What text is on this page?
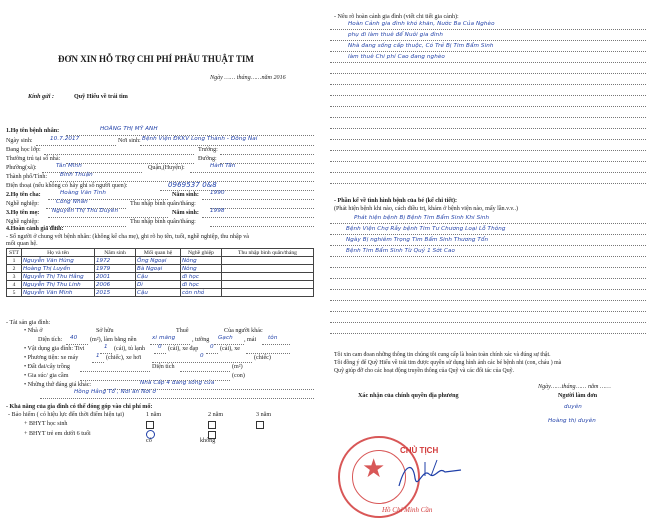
ĐƠN XIN HỖ TRỢ CHI PHÍ PHẪU THUẬT TIM
Ngày …… tháng……năm 2016
Kính gửi :	Quỹ Hiểu về trái tim
1.Họ tên bệnh nhân:	HOÀNG THỊ MỸ ANH
Ngày sinh:	10.7.2017	Nơi sinh: Bệnh Viện ĐKKV Long Thành - Đồng Nai
Đang học lớp:	Trường:
Thường trú tại số nhà:	Đường:
Phường(xã):	Tân Minh	Quận,(Huyện):	Hàm Tân
Thành phố/Tỉnh: Bình Thuận
Điện thoại (nếu không có hãy ghi số người quen):	0969537 0&8
2.Họ tên cha:	Hoàng Văn Tình	Năm sinh: 1990
Nghề nghiệp:	Công Nhân	Thu nhập bình quân/tháng:
3.Họ tên mẹ: Nguyễn Thị Thu Duyên	Năm sinh: 1998
Nghề nghiệp:	Thu nhập bình quân/tháng:
4.Hoàn cảnh gia đình:
- Số người ở chung với bệnh nhân: (không kể cha mẹ), ghi rõ họ tên, tuổi, nghề nghiệp, thu nhập và
mối quan hệ.
STT	Họ và tên	Năm sinh	Mối quan hệ	Nghề ghiệp	Thu nhập bình quân/tháng
1	Nguyễn Văn Hùng	1972	Ông Ngoại	Nông	
2	Hoàng Thị Luyến	1979	Bà Ngoại	Nông	
3	Nguyễn Thị Thu Hằng	2001	Cậu	đi học	
4	Nguyễn Thị Thu Linh	2006	Dì	đi học	
5	Nguyễn Văn Minh	2015	Cậu	còn nhỏ	
- Tài sản gia đình:
• Nhà ở	Sở hữu	Thuê	Của người khác
Diện tích: 40 (m²), làm bằng nền	xi măng	, tường Gạch , mái tôn
• Vật dụng gia đình: Tivi	1 (cái), tủ lạnh 0 (cái), xe đạp 0 (cái), xe
• Phương tiện: xe máy	1 (chiếc), xe hơi	0	(chiếc)
• Đất đai/cây trồng	Diện tích	(m²)
• Gia súc/ gia cầm	(con)
• Những thứ đáng giá khác:	Nhà Cấp 4 đang sống của
Hồng Hằng Tổ , Nơi ăn Nơi ở
- Khả năng của gia đình có thể đóng góp vào chi phí mổ:
- Bảo hiểm ( có hiệu lực đến thời điểm hiện tại)	1 năm	2 năm	3 năm
+ BHYT học sinh
+ BHYT trẻ em dưới 6 tuổi
có	không
- Nêu rõ hoàn cảnh gia đình (viết chi tiết gia cảnh):
Hoàn Cảnh gia đình khó khăn, Nước Ba Của Nghèo
phụ đi làm thuê để Nuôi gia đình
Nhà đang sống cấp thuộc, Có Trẻ Bị Tim Bẩm Sinh
làm thuê Chi phí Cao đang nghèo
- Phần kế về tình hình bệnh của bé (kể chi tiết):
(Phát hiện bệnh khi nào, cách điều trị, khám ở bệnh viện nào, mấy lần.v.v..)
Phát hiện bệnh Bị Bệnh Tim Bẩm Sinh Khi Sinh
Bệnh Viện Chợ Rẫy bệnh Tim Tư Chương Loại Lỗ Thông
Ngày Bị nghiêm Trọng Tim Bẩm Sinh Thương Tổn
Bệnh Tim Bẩm Sinh Từ Quý 1 Sớt Cao
Tôi xin cam đoan những thông tin chúng tôi cung cấp là hoàn toàn chính xác và đúng sự thật.
Tôi đồng ý để Quỹ Hiểu về trái tim được quyền sử dụng hình ảnh các bé bệnh nhi (con, cháu ) mà
Quỹ giúp đỡ cho các hoạt động truyền thông của Quỹ và các đối tác của Quỹ.
Ngày……tháng…… năm ……
Xác nhận của chính quyền địa phương	Người làm đơn
duyên
Hoàng thị duyên
★
CHỦ TỊCH
Hồ Chí Minh Cần
